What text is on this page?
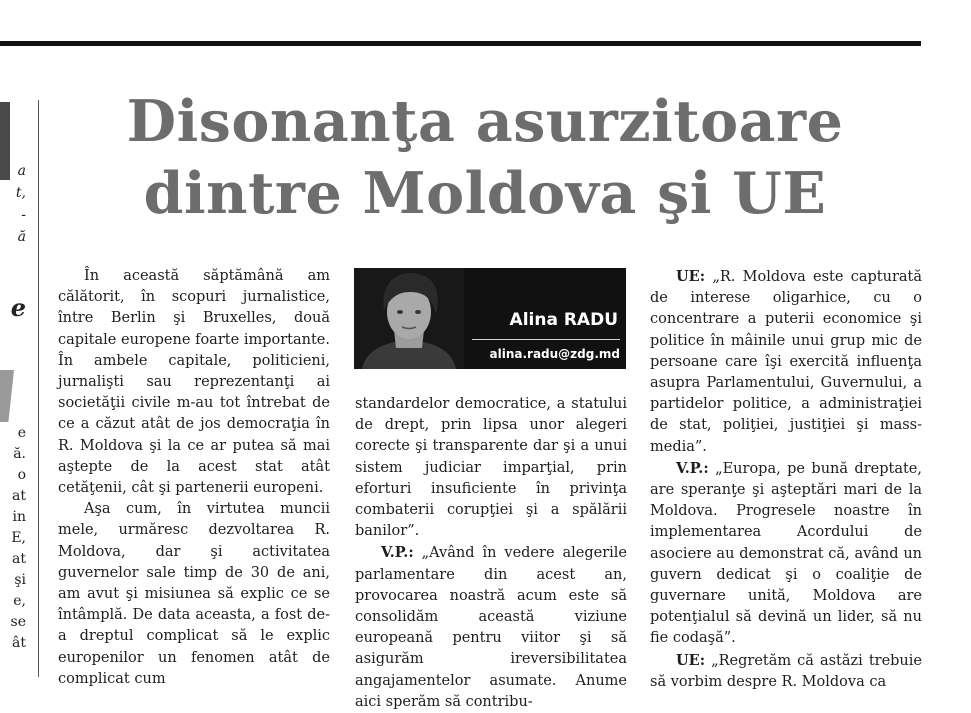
a
t,
-
ă
e
e
ă.
o
at
in
E,
at
şi
e,
se
ât
Disonanţa asurzitoare
dintre Moldova şi UE

În această săptămână am călătorit, în scopuri jurnalistice, între Berlin şi Bruxelles, două capitale europene foarte importante. În ambele capitale, politicieni, jurnalişti sau reprezentanţi ai societăţii civile m-au tot întrebat de ce a căzut atât de jos democraţia în R. Moldova şi la ce ar putea să mai aştepte de la acest stat atât cetăţenii, cât şi partenerii europeni.

Aşa cum, în virtutea muncii mele, urmăresc dezvoltarea R. Moldova, dar şi activitatea guvernelor sale timp de 30 de ani, am avut şi misiunea să explic ce se întâmplă. De data aceasta, a fost de-a dreptul complicat să le explic europenilor un fenomen atât de complicat cum

Alina RADU
alina.radu@zdg.md

standardelor democratice, a statului de drept, prin lipsa unor alegeri corecte şi transparente dar şi a unui sistem judiciar imparţial, prin eforturi insuficiente în privinţa combaterii corupţiei şi a spălării banilor”.

V.P.: „Având în vedere alegerile parlamentare din acest an, provocarea noastră acum este să consolidăm această viziune europeană pentru viitor şi să asigurăm ireversibilitatea angajamentelor asumate. Anume aici sperăm să contribu-

UE: „R. Moldova este capturată de interese oligarhice, cu o concentrare a puterii economice şi politice în mâinile unui grup mic de persoane care îşi exercită influenţa asupra Parlamentului, Guvernului, a partidelor politice, a administraţiei de stat, poliţiei, justiţiei şi mass-media”.

V.P.: „Europa, pe bună dreptate, are speranţe şi aşteptări mari de la Moldova. Progresele noastre în implementarea Acordului de asociere au demonstrat că, având un guvern dedicat şi o coaliţie de guvernare unită, Moldova are potenţialul să devină un lider, să nu fie codaşă”.

UE: „Regretăm că astăzi trebuie să vorbim despre R. Moldova ca
